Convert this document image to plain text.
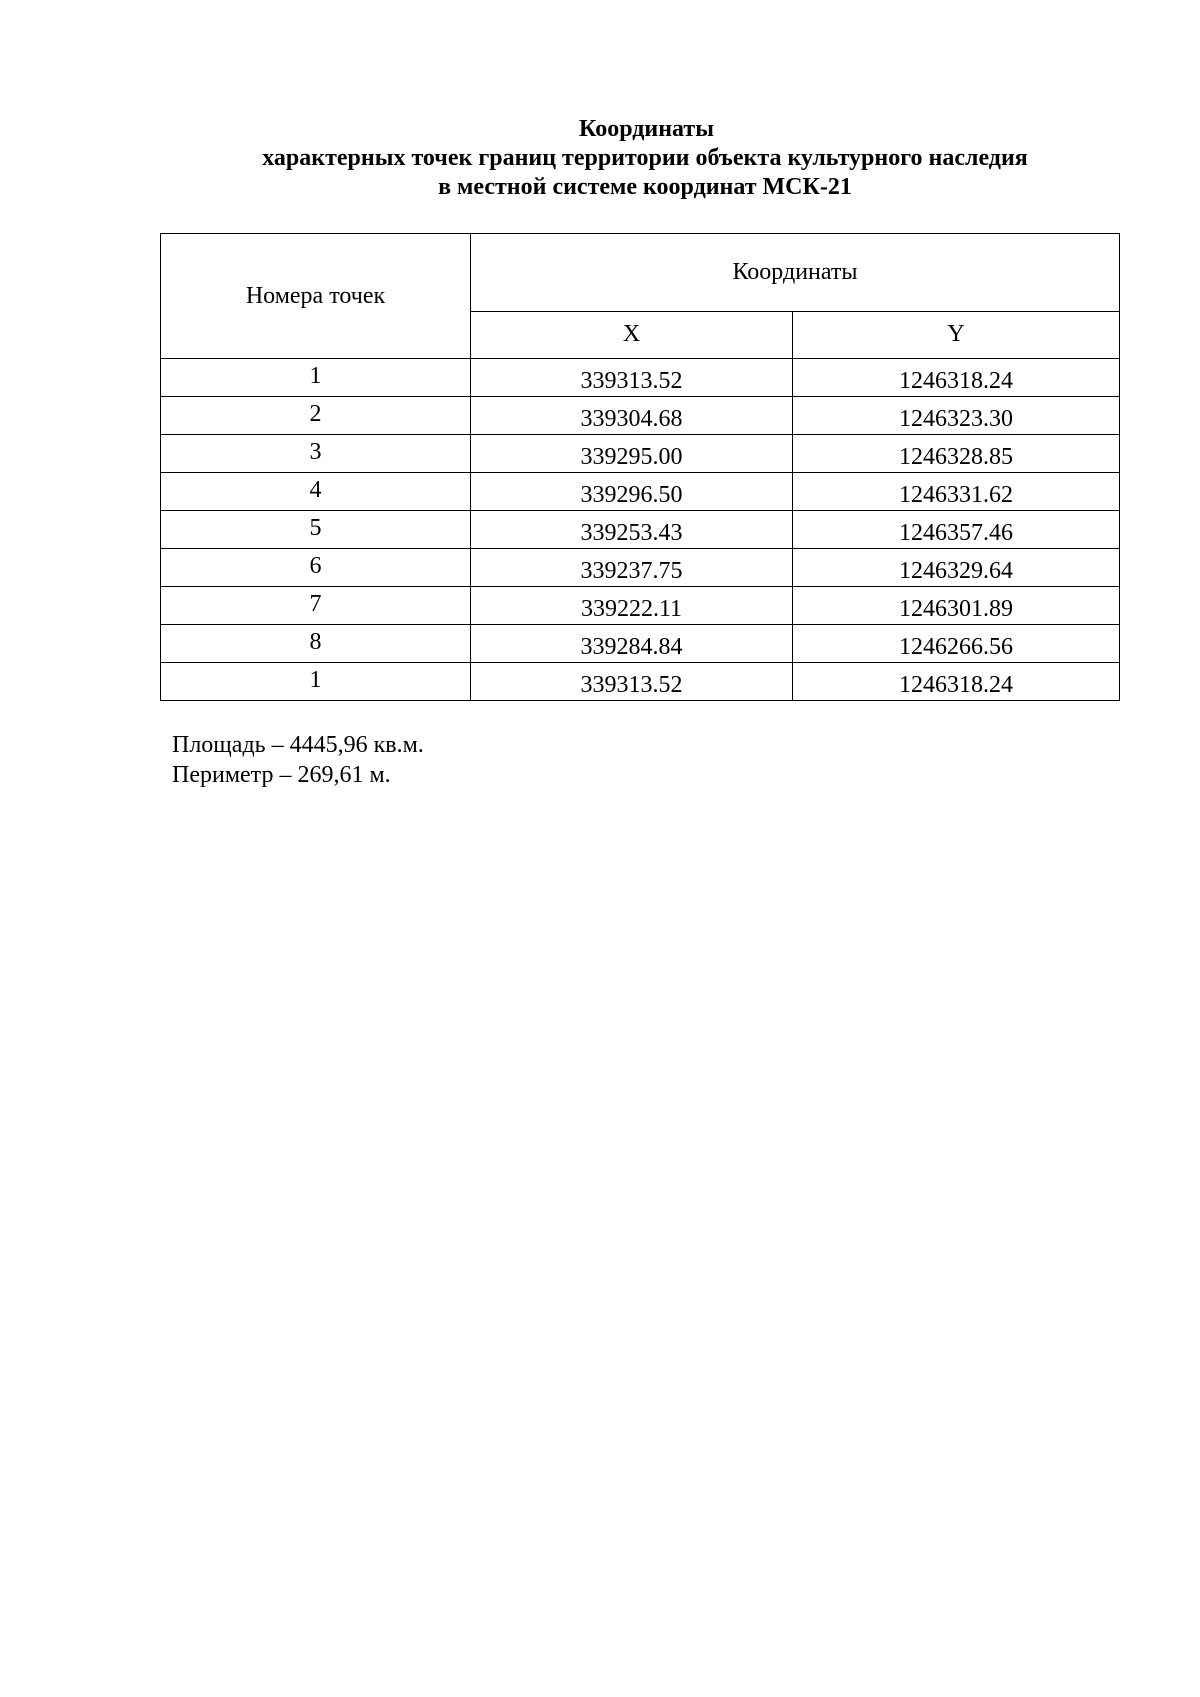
Координаты
характерных точек границ территории объекта культурного наследия
в местной системе координат МСК-21
Номера точек	Координаты	
	X	Y
1	339313.52	1246318.24
2	339304.68	1246323.30
3	339295.00	1246328.85
4	339296.50	1246331.62
5	339253.43	1246357.46
6	339237.75	1246329.64
7	339222.11	1246301.89
8	339284.84	1246266.56
1	339313.52	1246318.24
Площадь – 4445,96 кв.м.
Периметр – 269,61 м.
